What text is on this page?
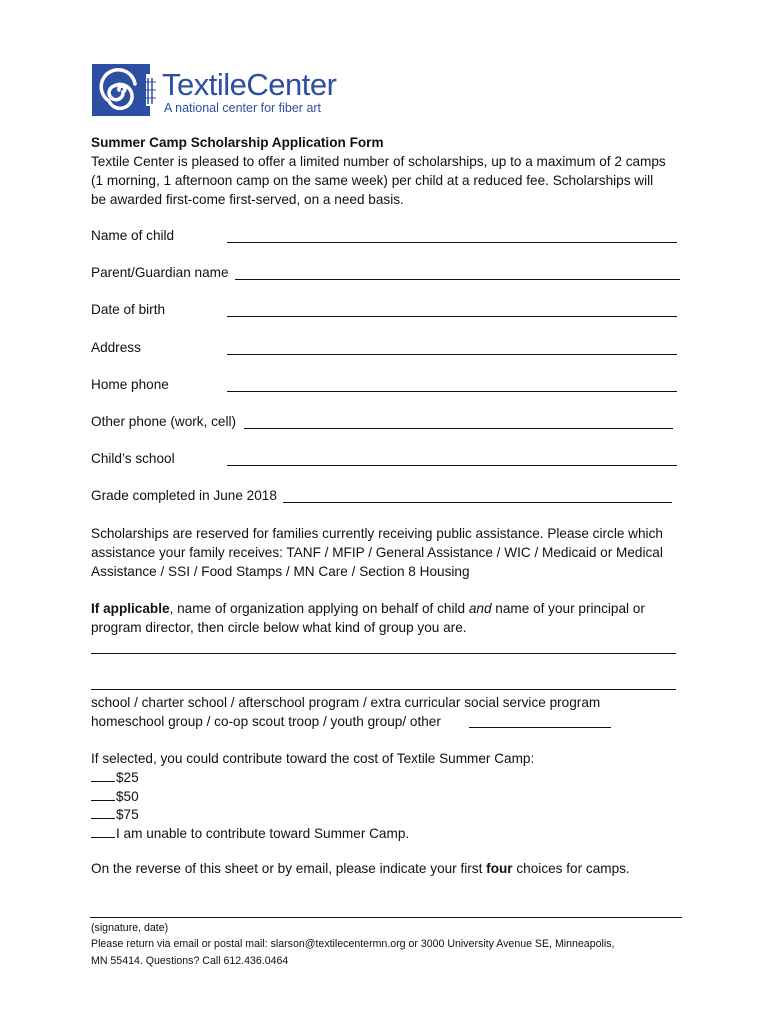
TextileCenter
A national center for fiber art
Summer Camp Scholarship Application Form
Textile Center is pleased to offer a limited number of scholarships, up to a maximum of 2 camps
(1 morning, 1 afternoon camp on the same week) per child at a reduced fee. Scholarships will
be awarded first-come first-served, on a need basis.
Name of child
Parent/Guardian name
Date of birth
Address
Home phone
Other phone (work, cell)
Child’s school
Grade completed in June 2018
Scholarships are reserved for families currently receiving public assistance. Please circle which
assistance your family receives: TANF / MFIP / General Assistance / WIC / Medicaid or Medical
Assistance / SSI / Food Stamps / MN Care / Section 8 Housing
If applicable, name of organization applying on behalf of child and name of your principal or
program director, then circle below what kind of group you are.
school / charter school / afterschool program / extra curricular social service program
homeschool group / co-op scout troop / youth group/ other
If selected, you could contribute toward the cost of Textile Summer Camp:
$25
$50
$75
I am unable to contribute toward Summer Camp.
On the reverse of this sheet or by email, please indicate your first four choices for camps.
(signature, date)
Please return via email or postal mail: slarson@textilecentermn.org or 3000 University Avenue SE, Minneapolis,
MN 55414. Questions? Call 612.436.0464
